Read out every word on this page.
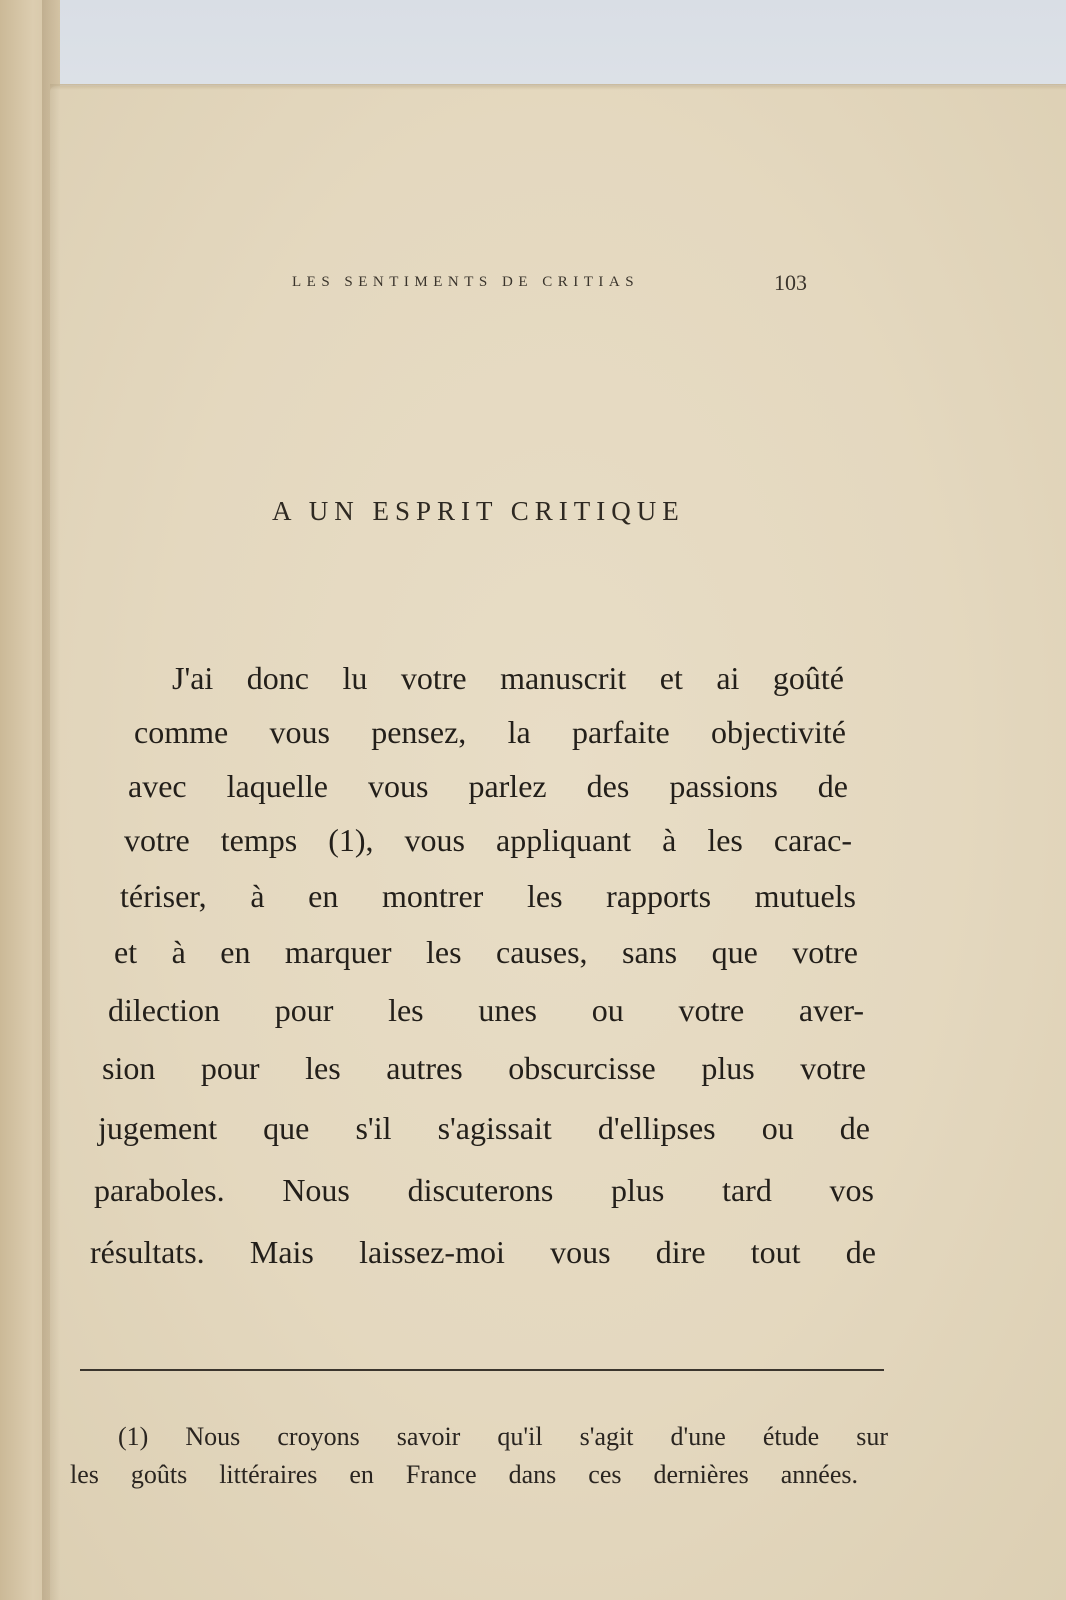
LES SENTIMENTS DE CRITIAS	103
A UN ESPRIT CRITIQUE
J'ai donc lu votre manuscrit et ai goûté
comme vous pensez, la parfaite objectivité
avec laquelle vous parlez des passions de
votre temps (1), vous appliquant à les carac-
tériser, à en montrer les rapports mutuels
et à en marquer les causes, sans que votre
dilection pour les unes ou votre aver-
sion pour les autres obscurcisse plus votre
jugement que s'il s'agissait d'ellipses ou de
paraboles. Nous discuterons plus tard vos
résultats. Mais laissez-moi vous dire tout de
(1) Nous croyons savoir qu'il s'agit d'une étude sur
les goûts littéraires en France dans ces dernières années.
